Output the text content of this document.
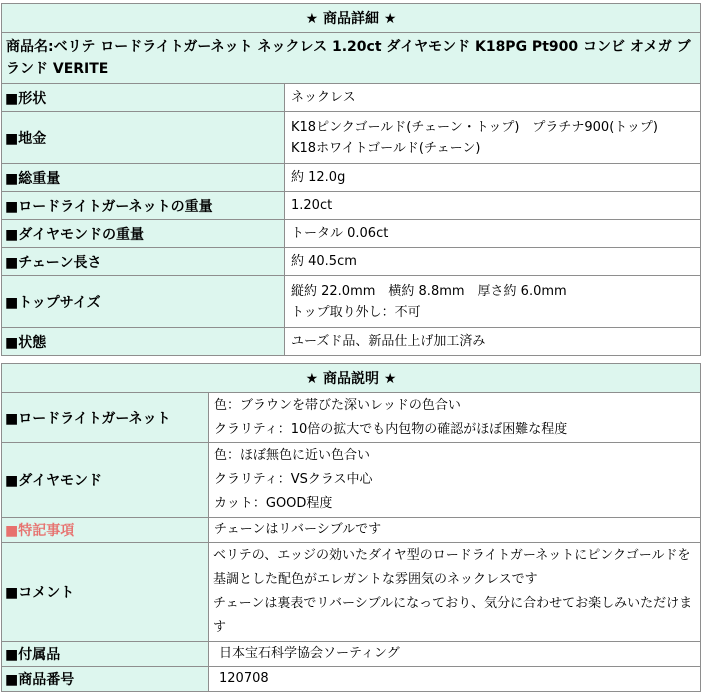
★ 商品詳細 ★	
商品名:ベリテ ロードライトガーネット ネックレス 1.20ct ダイヤモンド K18PG Pt900 コンビ オメガ ブランド VERITE	
■形状	ネックレス

■地金	K18ピンクゴールド(チェーン・トップ)　プラチナ900(トップ)
K18ホワイトゴールド(チェーン)

■総重量	約 12.0g

■ロードライトガーネットの重量	1.20ct

■ダイヤモンドの重量	トータル 0.06ct

■チェーン長さ	約 40.5cm

■トップサイズ	縦約 22.0mm　横約 8.8mm　厚さ約 6.0mm
トップ取り外し：不可

■状態	ユーズド品、新品仕上げ加工済み
★ 商品説明 ★	
■ロードライトガーネット	色：ブラウンを帯びた深いレッドの色合い
クラリティ：10倍の拡大でも内包物の確認がほぼ困難な程度

■ダイヤモンド	色：ほぼ無色に近い色合い
クラリティ：VSクラス中心
カット：GOOD程度

■特記事項	チェーンはリバーシブルです

■コメント	ベリテの、エッジの効いたダイヤ型のロードライトガーネットにピンクゴールドを基調とした配色がエレガントな雰囲気のネックレスです
チェーンは裏表でリバーシブルになっており、気分に合わせてお楽しみいただけます

■付属品	日本宝石科学協会ソーティング

■商品番号	120708
